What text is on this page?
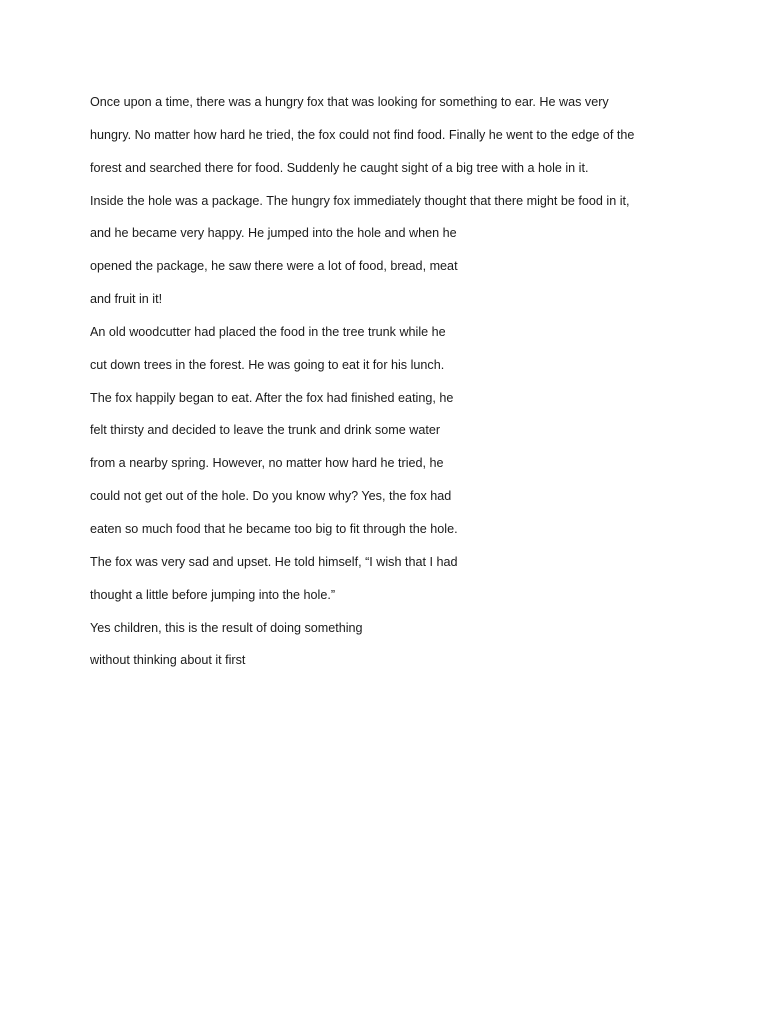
Once upon a time, there was a hungry fox that was looking for something to ear. He was very
hungry. No matter how hard he tried, the fox could not find food. Finally he went to the edge of the
forest and searched there for food. Suddenly he caught sight of a big tree with a hole in it.
Inside the hole was a package. The hungry fox immediately thought that there might be food in it,
and he became very happy. He jumped into the hole and when he
opened the package, he saw there were a lot of food, bread, meat
and fruit in it!
An old woodcutter had placed the food in the tree trunk while he
cut down trees in the forest. He was going to eat it for his lunch.
The fox happily began to eat. After the fox had finished eating, he
felt thirsty and decided to leave the trunk and drink some water
from a nearby spring. However, no matter how hard he tried, he
could not get out of the hole. Do you know why? Yes, the fox had
eaten so much food that he became too big to fit through the hole.
The fox was very sad and upset. He told himself, “I wish that I had
thought a little before jumping into the hole.”
Yes children, this is the result of doing something
without thinking about it first
